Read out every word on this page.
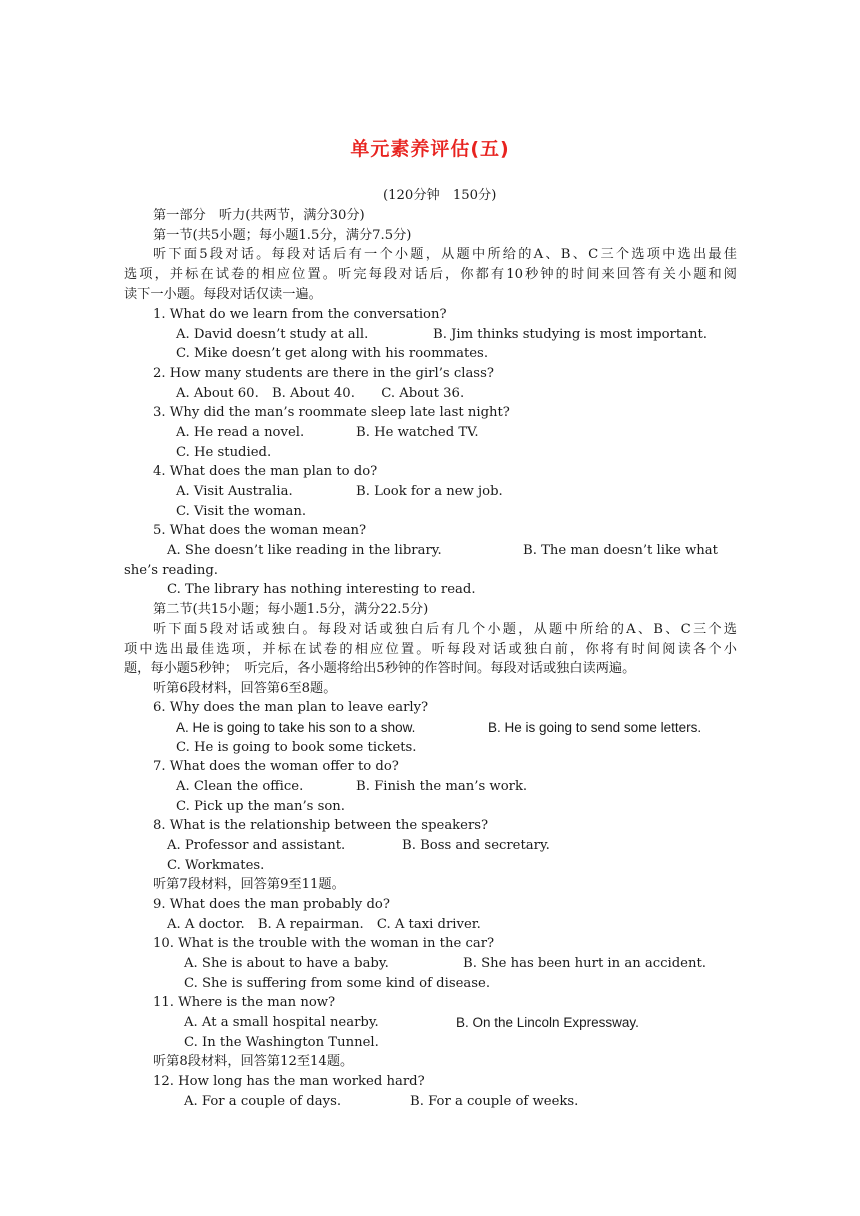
单元素养评估(五)
(120分钟　150分)
第一部分　听力(共两节，满分30分)
第一节(共5小题；每小题1.5分，满分7.5分)
听下面5段对话。每段对话后有一个小题，从题中所给的A、B、C三个选项中选出最佳
选项，并标在试卷的相应位置。听完每段对话后，你都有10秒钟的时间来回答有关小题和阅
读下一小题。每段对话仅读一遍。
1. What do we learn from the conversation?
A. David doesn’t study at all.	B. Jim thinks studying is most important.
C. Mike doesn’t get along with his roommates.
2. How many students are there in the girl’s class?
A. About 60.　B. About 40.　　C. About 36.
3. Why did the man’s roommate sleep late last night?
A. He read a novel.	B. He watched TV.
C. He studied.
4. What does the man plan to do?
A. Visit Australia.	B. Look for a new job.
C. Visit the woman.
5. What does the woman mean?
A. She doesn’t like reading in the library.	B. The man doesn’t like what
she’s reading.
C. The library has nothing interesting to read.
第二节(共15小题；每小题1.5分，满分22.5分)
听下面5段对话或独白。每段对话或独白后有几个小题，从题中所给的A、B、C三个选
项中选出最佳选项，并标在试卷的相应位置。听每段对话或独白前，你将有时间阅读各个小
题，每小题5秒钟；　听完后，各小题将给出5秒钟的作答时间。每段对话或独白读两遍。
听第6段材料，回答第6至8题。
6. Why does the man plan to leave early?
A. He is going to take his son to a show.	B. He is going to send some letters.
C. He is going to book some tickets.
7. What does the woman offer to do?
A. Clean the office.	B. Finish the man’s work.
C. Pick up the man’s son.
8. What is the relationship between the speakers?
A. Professor and assistant.	B. Boss and secretary.
C. Workmates.
听第7段材料，回答第9至11题。
9. What does the man probably do?
A. A doctor.　B. A repairman.　C. A taxi driver.
10. What is the trouble with the woman in the car?
A. She is about to have a baby.	B. She has been hurt in an accident.
C. She is suffering from some kind of disease.
11. Where is the man now?
A. At a small hospital nearby.	B. On the Lincoln Expressway.
C. In the Washington Tunnel.
听第8段材料，回答第12至14题。
12. How long has the man worked hard?
A. For a couple of days.	B. For a couple of weeks.
